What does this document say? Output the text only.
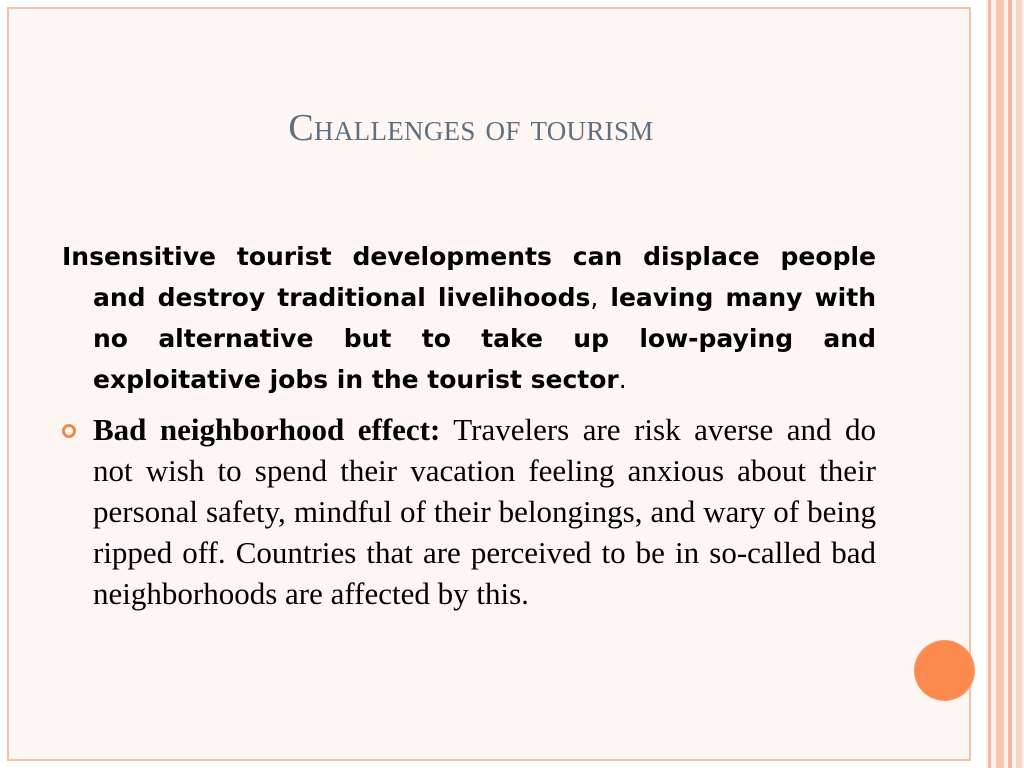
Challenges of tourism

Insensitive tourist developments can displace people and destroy traditional livelihoods, leaving many with no alternative but to take up low-paying and exploitative jobs in the tourist sector.

Bad neighborhood effect: Travelers are risk averse and do not wish to spend their vacation feeling anxious about their personal safety, mindful of their belongings, and wary of being ripped off. Countries that are perceived to be in so-called bad neighborhoods are affected by this.
